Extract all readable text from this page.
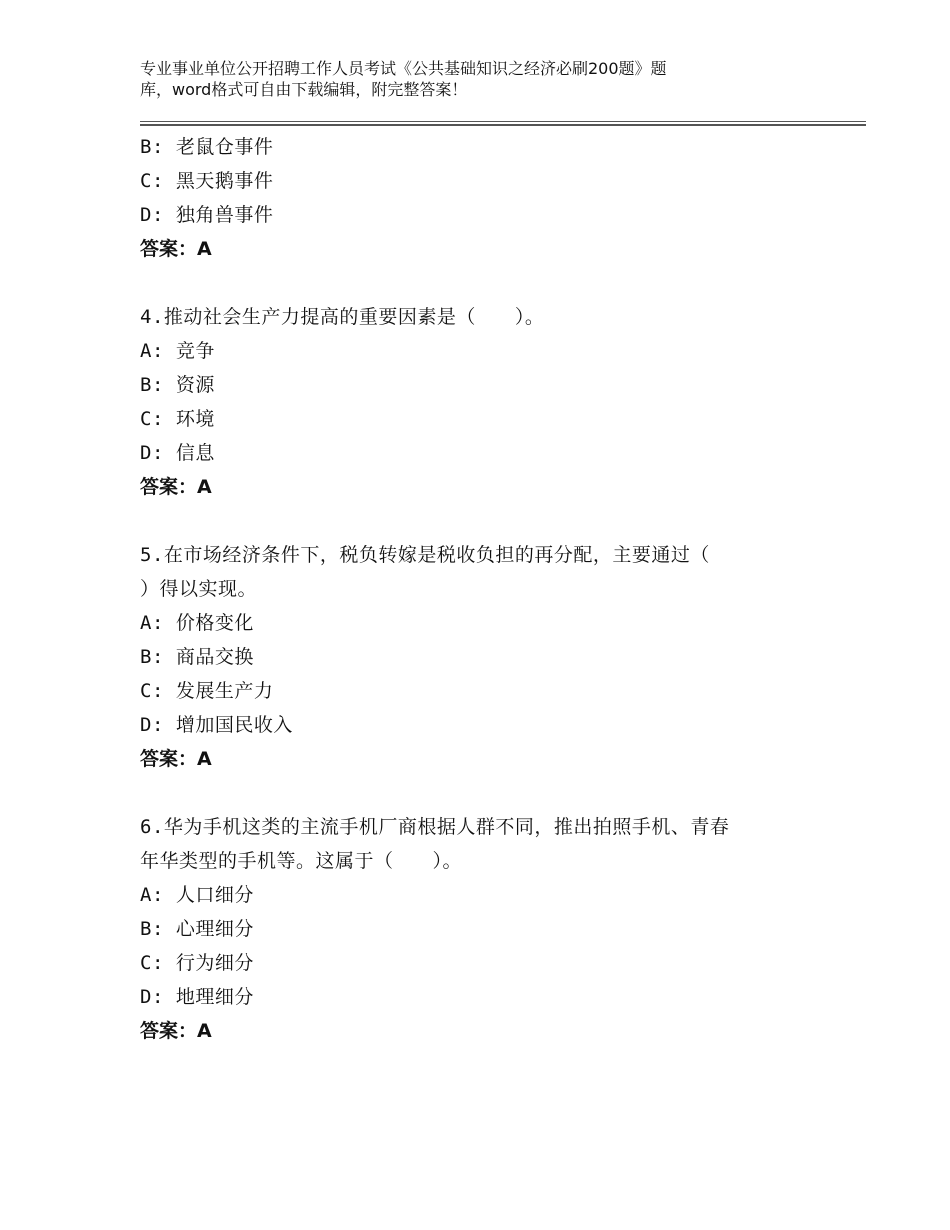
专业事业单位公开招聘工作人员考试《公共基础知识之经济必刷200题》题
库，word格式可自由下载编辑，附完整答案！
B: 老鼠仓事件
C: 黑天鹅事件
D: 独角兽事件
答案：A
4.推动社会生产力提高的重要因素是（　　）。
A: 竞争
B: 资源
C: 环境
D: 信息
答案：A
5.在市场经济条件下，税负转嫁是税收负担的再分配，主要通过（
）得以实现。
A: 价格变化
B: 商品交换
C: 发展生产力
D: 增加国民收入
答案：A
6.华为手机这类的主流手机厂商根据人群不同，推出拍照手机、青春
年华类型的手机等。这属于（　　）。
A: 人口细分
B: 心理细分
C: 行为细分
D: 地理细分
答案：A
